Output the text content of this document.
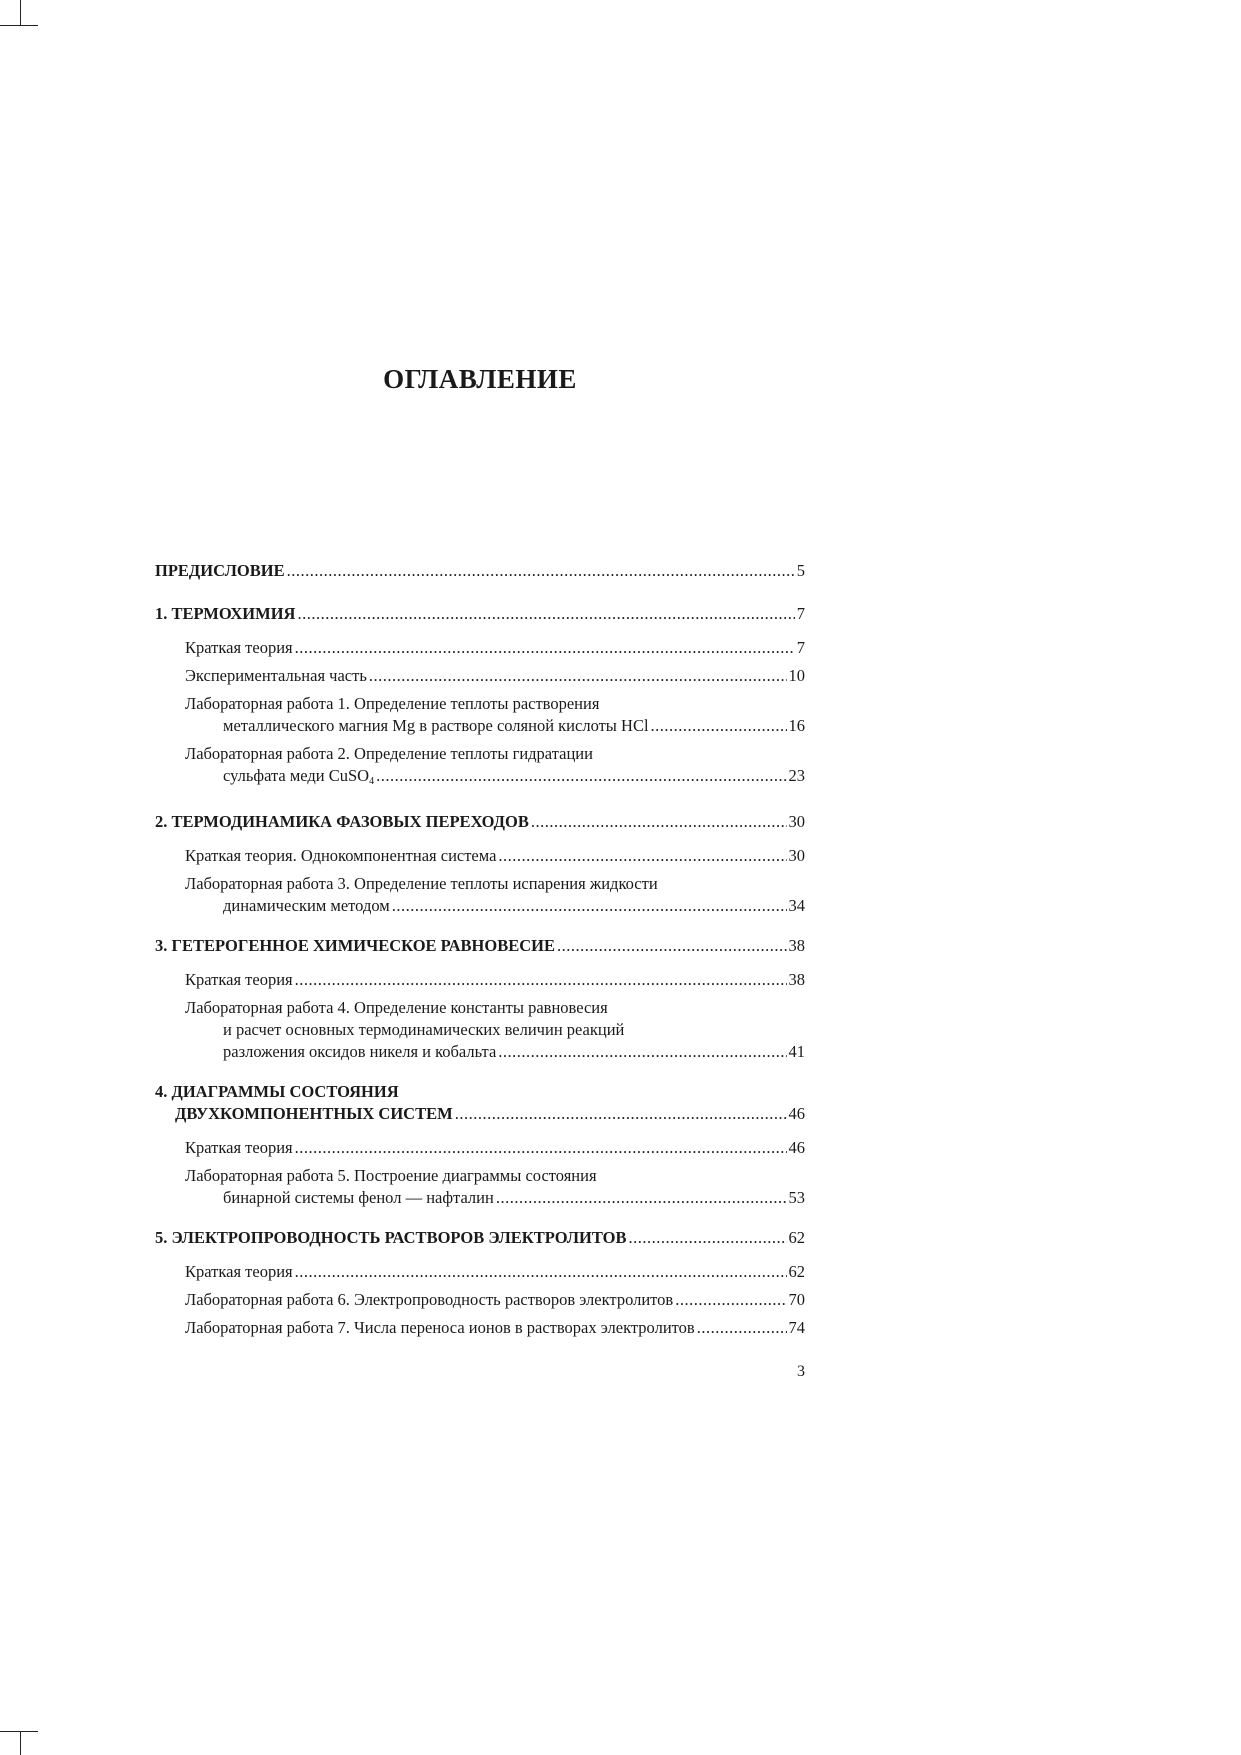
ОГЛАВЛЕНИЕ
ПРЕДИСЛОВИЕ .....	5
1. ТЕРМОХИМИЯ .....	7
Краткая теория .....	7
Экспериментальная часть .....	10
Лабораторная работа 1. Определение теплоты растворения
металлического магния Mg в растворе соляной кислоты HCl .....	16
Лабораторная работа 2. Определение теплоты гидратации
сульфата меди CuSO$_4$ .....	23
2. ТЕРМОДИНАМИКА ФАЗОВЫХ ПЕРЕХОДОВ .....	30
Краткая теория. Однокомпонентная система .....	30
Лабораторная работа 3. Определение теплоты испарения жидкости
динамическим методом .....	34
3. ГЕТЕРОГЕННОЕ ХИМИЧЕСКОЕ РАВНОВЕСИЕ .....	38
Краткая теория .....	38
Лабораторная работа 4. Определение константы равновесия
и расчет основных термодинамических величин реакций
разложения оксидов никеля и кобальта .....	41
4. ДИАГРАММЫ СОСТОЯНИЯ
ДВУХКОМПОНЕНТНЫХ СИСТЕМ .....	46
Краткая теория .....	46
Лабораторная работа 5. Построение диаграммы состояния
бинарной системы фенол — нафталин .....	53
5. ЭЛЕКТРОПРОВОДНОСТЬ РАСТВОРОВ ЭЛЕКТРОЛИТОВ .....	62
Краткая теория .....	62
Лабораторная работа 6. Электропроводность растворов электролитов .....	70
Лабораторная работа 7. Числа переноса ионов в растворах электролитов .....	74
3
